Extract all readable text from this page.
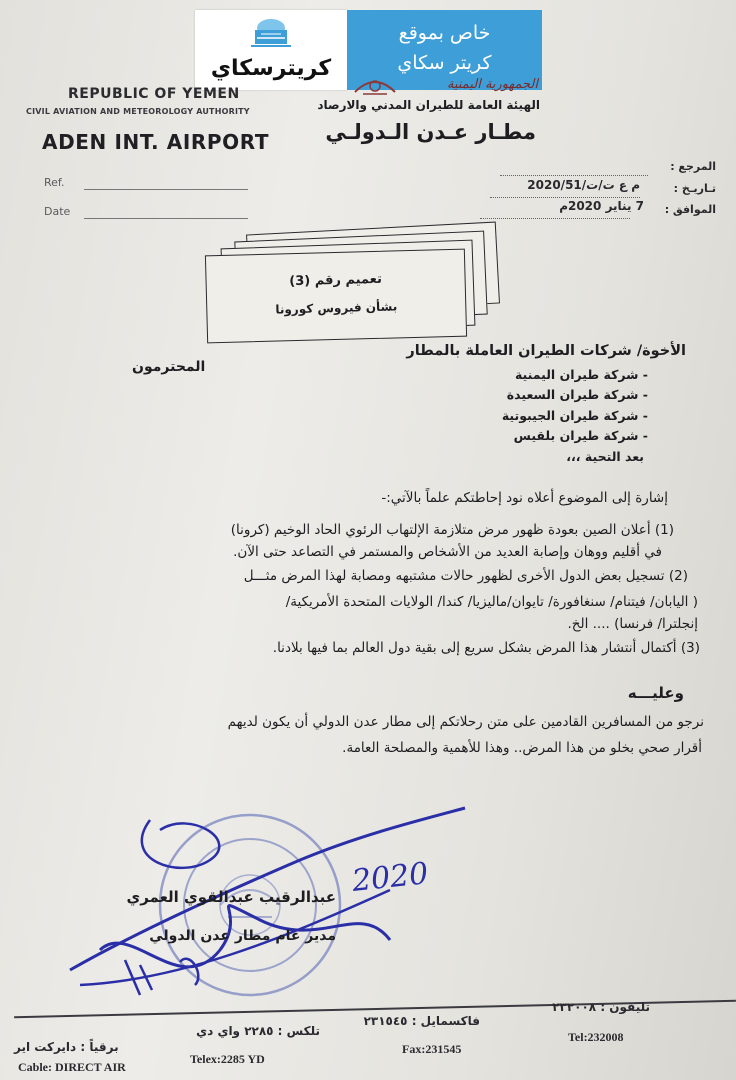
كريترسكاي
خاص بموقع
كريتر سكاي
REPUBLIC OF YEMEN
CIVIL AVIATION AND METEOROLOGY AUTHORITY
ADEN INT. AIRPORT
Ref.
Date
الجمهورية اليمنية
الهيئة العامة للطيران المدني والارصاد
مطـار عـدن الـدولـي
المرجع :
تـاريـخ :
م ع ت/ت/2020/51
الموافق :
7 يناير 2020م
تعميم رقم (3)
بشأن فيروس كورونا
الأخوة/ شركات الطيران العاملة بالمطار
المحترمون	- شركة طيران اليمنية
- شركة طيران السعيدة
- شركة طيران الجيبوتية
- شركة طيران بلقيس
بعد التحية ،،،
إشارة إلى الموضوع أعلاه نود إحاطتكم علماً بالآتي:-
(1) أعلان الصين بعودة ظهور مرض متلازمة الإلتهاب الرئوي الحاد الوخيم (كرونا)
في أقليم ووهان وإصابة العديد من الأشخاص والمستمر في التصاعد حتى الآن.
(2) تسجيل بعض الدول الأخرى لظهور حالات مشتبهه ومصابة لهذا المرض مثـــل
( اليابان/ فيتنام/ سنغافورة/ تايوان/ماليزيا/ كندا/ الولايات المتحدة الأمريكية/
إنجلترا/ فرنسا) .... الخ.
(3) أكتمال أنتشار هذا المرض بشكل سريع إلى بقية دول العالم بما فيها بلادنا.
وعليـــه
نرجو من المسافرين القادمين على متن رحلاتكم إلى مطار عدن الدولي أن يكون لديهم
أقرار صحي بخلو من هذا المرض.. وهذا للأهمية والمصلحة العامة.
2020
عبدالرقيب عبدالقوي العمري
مدير عام مطار عدن الدولي
تليفون : ٢٣٢٠٠٨
فاكسمايل : ٢٣١٥٤٥
تلكس : ٢٢٨٥ واي دي
برقياً : دايركت اير
Tel:232008
Fax:231545
Telex:2285 YD
Cable: DIRECT AIR
